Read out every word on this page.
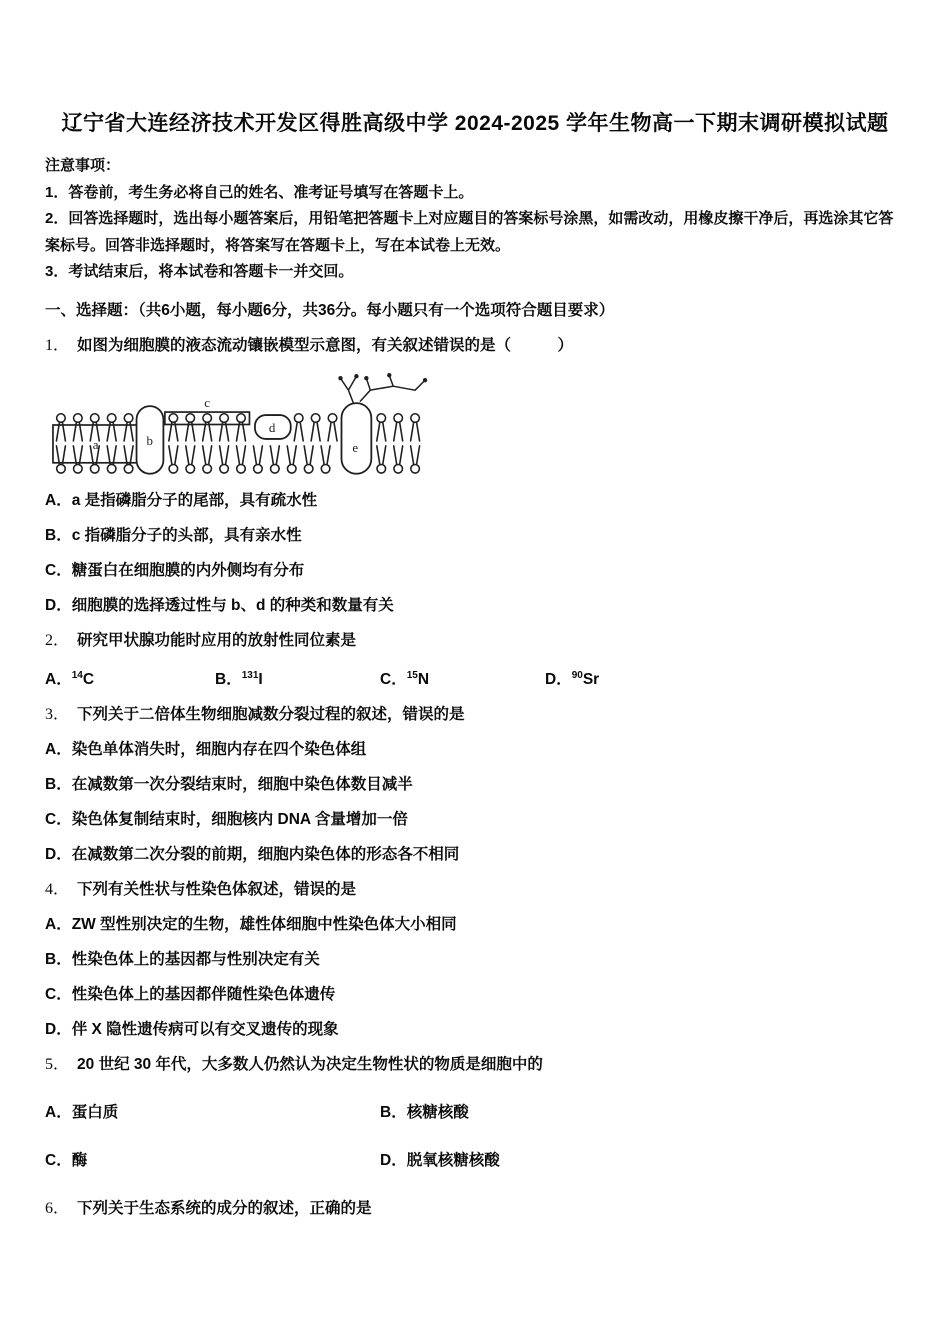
辽宁省大连经济技术开发区得胜高级中学 2024-2025 学年生物高一下期末调研模拟试题

注意事项：

1．答卷前，考生务必将自己的姓名、准考证号填写在答题卡上。

2．回答选择题时，选出每小题答案后，用铅笔把答题卡上对应题目的答案标号涂黑，如需改动，用橡皮擦干净后，再选涂其它答案标号。回答非选择题时，将答案写在答题卡上，写在本试卷上无效。

3．考试结束后，将本试卷和答题卡一并交回。

一、选择题：（共6小题，每小题6分，共36分。每小题只有一个选项符合题目要求）
1． 如图为细胞膜的液态流动镶嵌模型示意图，有关叙述错误的是（　　　）
a	b
c
d
e
A．a 是指磷脂分子的尾部，具有疏水性
B．c 指磷脂分子的头部，具有亲水性
C．糖蛋白在细胞膜的内外侧均有分布
D．细胞膜的选择透过性与 b、d 的种类和数量有关
2． 研究甲状腺功能时应用的放射性同位素是
A．$^{14}$C	B．$^{131}$I	C．$^{15}$N	D．$^{90}$Sr
3． 下列关于二倍体生物细胞减数分裂过程的叙述，错误的是
A．染色单体消失时，细胞内存在四个染色体组
B．在减数第一次分裂结束时，细胞中染色体数目减半
C．染色体复制结束时，细胞核内 DNA 含量增加一倍
D．在减数第二次分裂的前期，细胞内染色体的形态各不相同
4． 下列有关性状与性染色体叙述，错误的是
A．ZW 型性别决定的生物，雄性体细胞中性染色体大小相同
B．性染色体上的基因都与性别决定有关
C．性染色体上的基因都伴随性染色体遗传
D．伴 X 隐性遗传病可以有交叉遗传的现象
5． 20 世纪 30 年代，大多数人仍然认为决定生物性状的物质是细胞中的
A．蛋白质	B．核糖核酸
C．酶	D．脱氧核糖核酸
6． 下列关于生态系统的成分的叙述，正确的是
